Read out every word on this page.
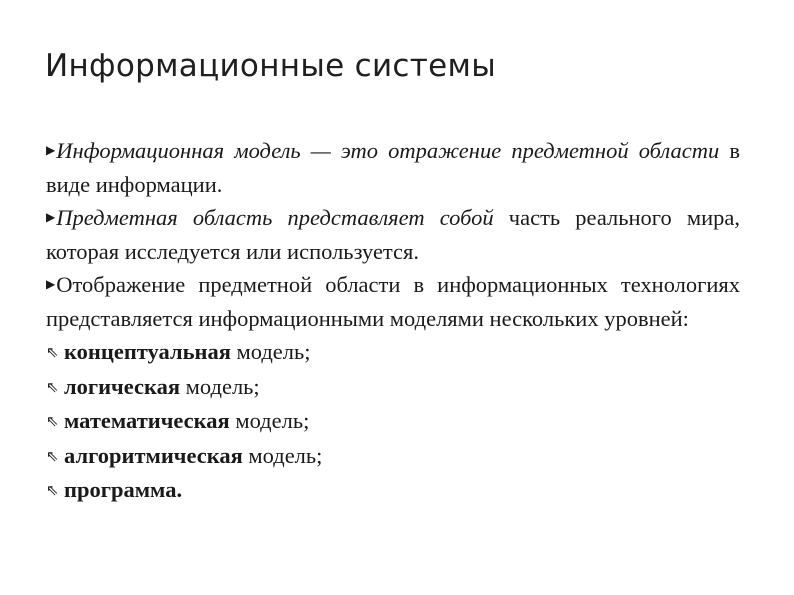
Информационные системы

▶Информационная модель — это отражение предметной области в виде информации.

▶Предметная область представляет собой часть реального мира, которая исследуется или используется.

▶Отображение предметной области в информационных технологиях представляется информационными моделями нескольких уровней:

⇖ концептуальная модель;
⇖ логическая модель;
⇖ математическая модель;
⇖ алгоритмическая модель;
⇖ программа.
